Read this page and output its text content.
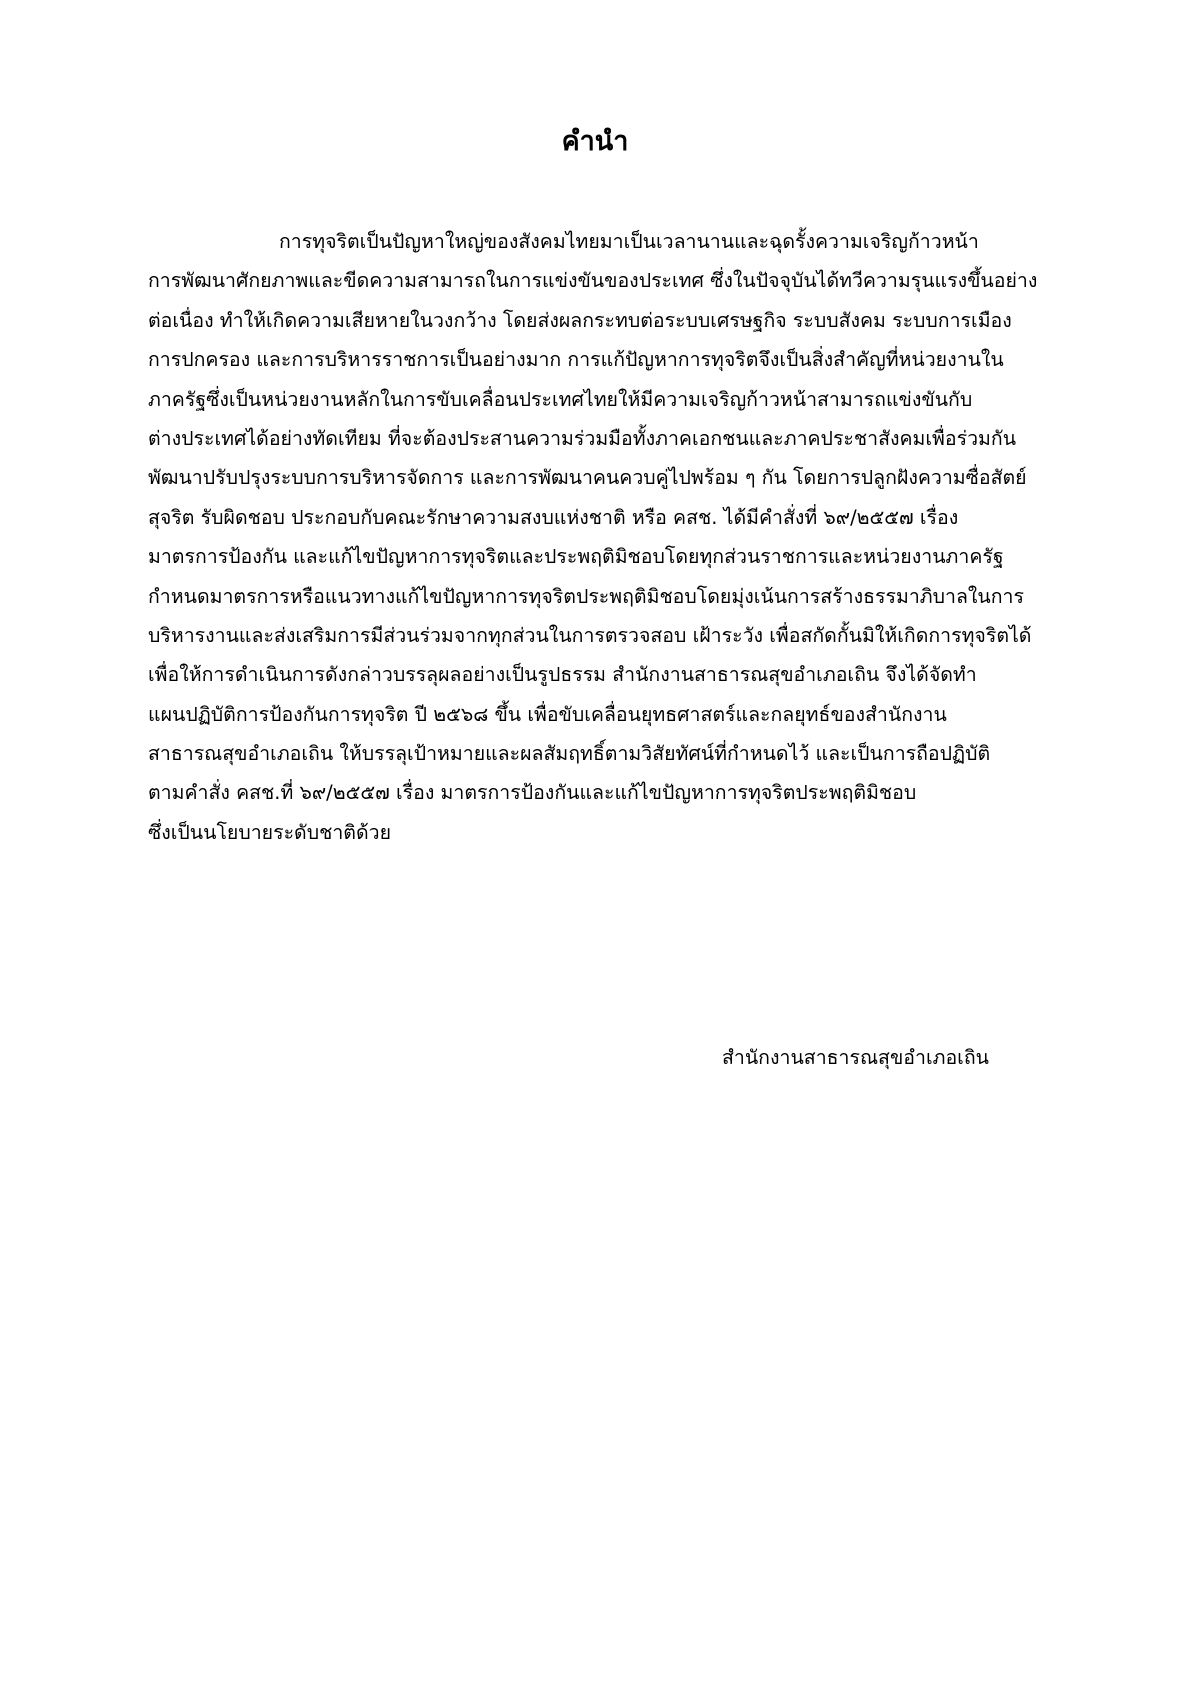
คำนำ
การทุจริตเป็นปัญหาใหญ่ของสังคมไทยมาเป็นเวลานานและฉุดรั้งความเจริญก้าวหน้า
การพัฒนาศักยภาพและขีดความสามารถในการแข่งขันของประเทศ ซึ่งในปัจจุบันได้ทวีความรุนแรงขึ้นอย่าง
ต่อเนื่อง ทำให้เกิดความเสียหายในวงกว้าง โดยส่งผลกระทบต่อระบบเศรษฐกิจ ระบบสังคม ระบบการเมือง
การปกครอง และการบริหารราชการเป็นอย่างมาก การแก้ปัญหาการทุจริตจึงเป็นสิ่งสำคัญที่หน่วยงานใน
ภาครัฐซึ่งเป็นหน่วยงานหลักในการขับเคลื่อนประเทศไทยให้มีความเจริญก้าวหน้าสามารถแข่งขันกับ
ต่างประเทศได้อย่างทัดเทียม ที่จะต้องประสานความร่วมมือทั้งภาคเอกชนและภาคประชาสังคมเพื่อร่วมกัน
พัฒนาปรับปรุงระบบการบริหารจัดการ และการพัฒนาคนควบคู่ไปพร้อม ๆ กัน โดยการปลูกฝังความซื่อสัตย์
สุจริต รับผิดชอบ ประกอบกับคณะรักษาความสงบแห่งชาติ หรือ คสช. ได้มีคำสั่งที่ ๖๙/๒๕๕๗ เรื่อง
มาตรการป้องกัน และแก้ไขปัญหาการทุจริตและประพฤติมิชอบโดยทุกส่วนราชการและหน่วยงานภาครัฐ
กำหนดมาตรการหรือแนวทางแก้ไขปัญหาการทุจริตประพฤติมิชอบโดยมุ่งเน้นการสร้างธรรมาภิบาลในการ
บริหารงานและส่งเสริมการมีส่วนร่วมจากทุกส่วนในการตรวจสอบ เฝ้าระวัง เพื่อสกัดกั้นมิให้เกิดการทุจริตได้
เพื่อให้การดำเนินการดังกล่าวบรรลุผลอย่างเป็นรูปธรรม สำนักงานสาธารณสุขอำเภอเถิน จึงได้จัดทำ
แผนปฏิบัติการป้องกันการทุจริต ปี ๒๕๖๘ ขึ้น เพื่อขับเคลื่อนยุทธศาสตร์และกลยุทธ์ของสำนักงาน
สาธารณสุขอำเภอเถิน ให้บรรลุเป้าหมายและผลสัมฤทธิ์ตามวิสัยทัศน์ที่กำหนดไว้ และเป็นการถือปฏิบัติ
ตามคำสั่ง คสช.ที่ ๖๙/๒๕๕๗ เรื่อง มาตรการป้องกันและแก้ไขปัญหาการทุจริตประพฤติมิชอบ
ซึ่งเป็นนโยบายระดับชาติด้วย
สำนักงานสาธารณสุขอำเภอเถิน
